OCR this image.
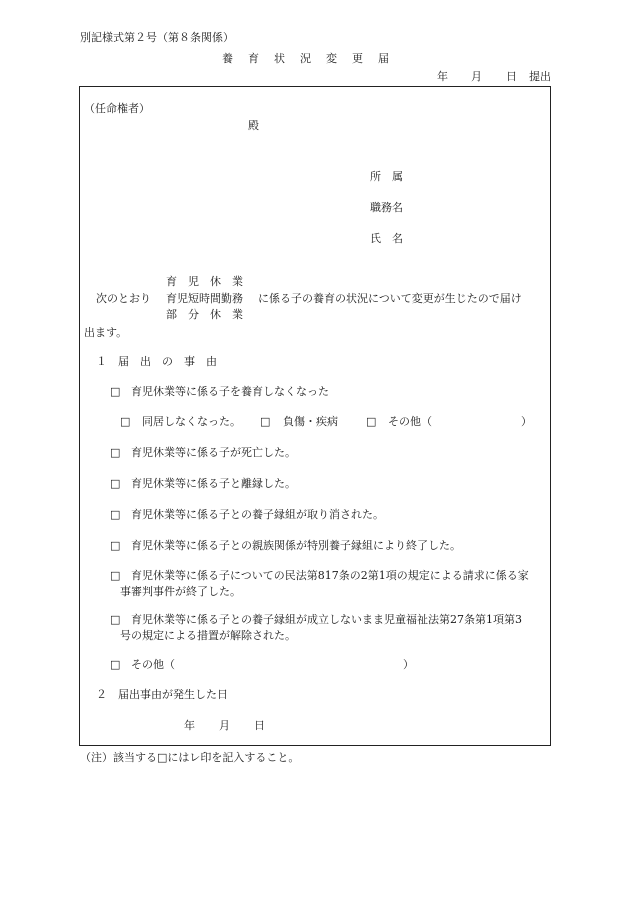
別記様式第２号（第８条関係）
養　育　状　況　変　更　届
年 月 日 提出
（任命権者）
殿
所　属
職務名
氏　名
育　児　休　業
次のとおり 育児短時間勤務 に係る子の養育の状況について変更が生じたので届け
部　分　休　業
出ます。
１　届　出　の　事　由
□ 育児休業等に係る子を養育しなくなった
□ 同居しなくなった。 □ 負傷・疾病	□ その他（	）
□ 育児休業等に係る子が死亡した。
□ 育児休業等に係る子と離縁した。
□ 育児休業等に係る子との養子縁組が取り消された。
□ 育児休業等に係る子との親族関係が特別養子縁組により終了した。
□ 育児休業等に係る子についての民法第817条の2第1項の規定による請求に係る家
事審判事件が終了した。
□ 育児休業等に係る子との養子縁組が成立しないまま児童福祉法第27条第1項第3
号の規定による措置が解除された。
□ その他（	）
２　届出事由が発生した日
年 月 日
（注）該当する□にはレ印を記入すること。
